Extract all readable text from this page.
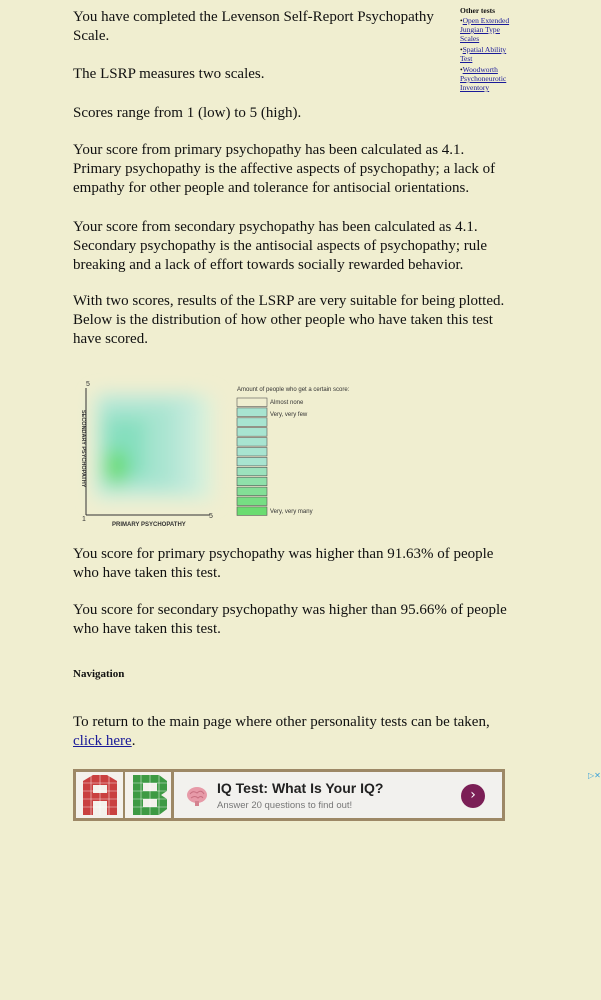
You have completed the Levenson Self-Report Psychopathy Scale.

The LSRP measures two scales.

Scores range from 1 (low) to 5 (high).

Your score from primary psychopathy has been calculated as 4.1. Primary psychopathy is the affective aspects of psychopathy; a lack of empathy for other people and tolerance for antisocial orientations.

Your score from secondary psychopathy has been calculated as 4.1. Secondary psychopathy is the antisocial aspects of psychopathy; rule breaking and a lack of effort towards socially rewarded behavior.

With two scores, results of the LSRP are very suitable for being plotted. Below is the distribution of how other people who have taken this test have scored.

You score for primary psychopathy was higher than 91.63% of people who have taken this test.

You score for secondary psychopathy was higher than 95.66% of people who have taken this test.

Navigation

To return to the main page where other personality tests can be taken, click here.

Other tests
• Open Extended Jungian Type Scales
• Spatial Ability Test
• Woodworth Psychoneurotic Inventory
5
1	5
PRIMARY PSYCHOPATHY
SECONDARY PSYCHOPATHY
Amount of people who get a certain score:
Almost none
Very, very few
Very, very many
IQ Test: What Is Your IQ?
Answer 20 questions to find out!
›
▷✕
